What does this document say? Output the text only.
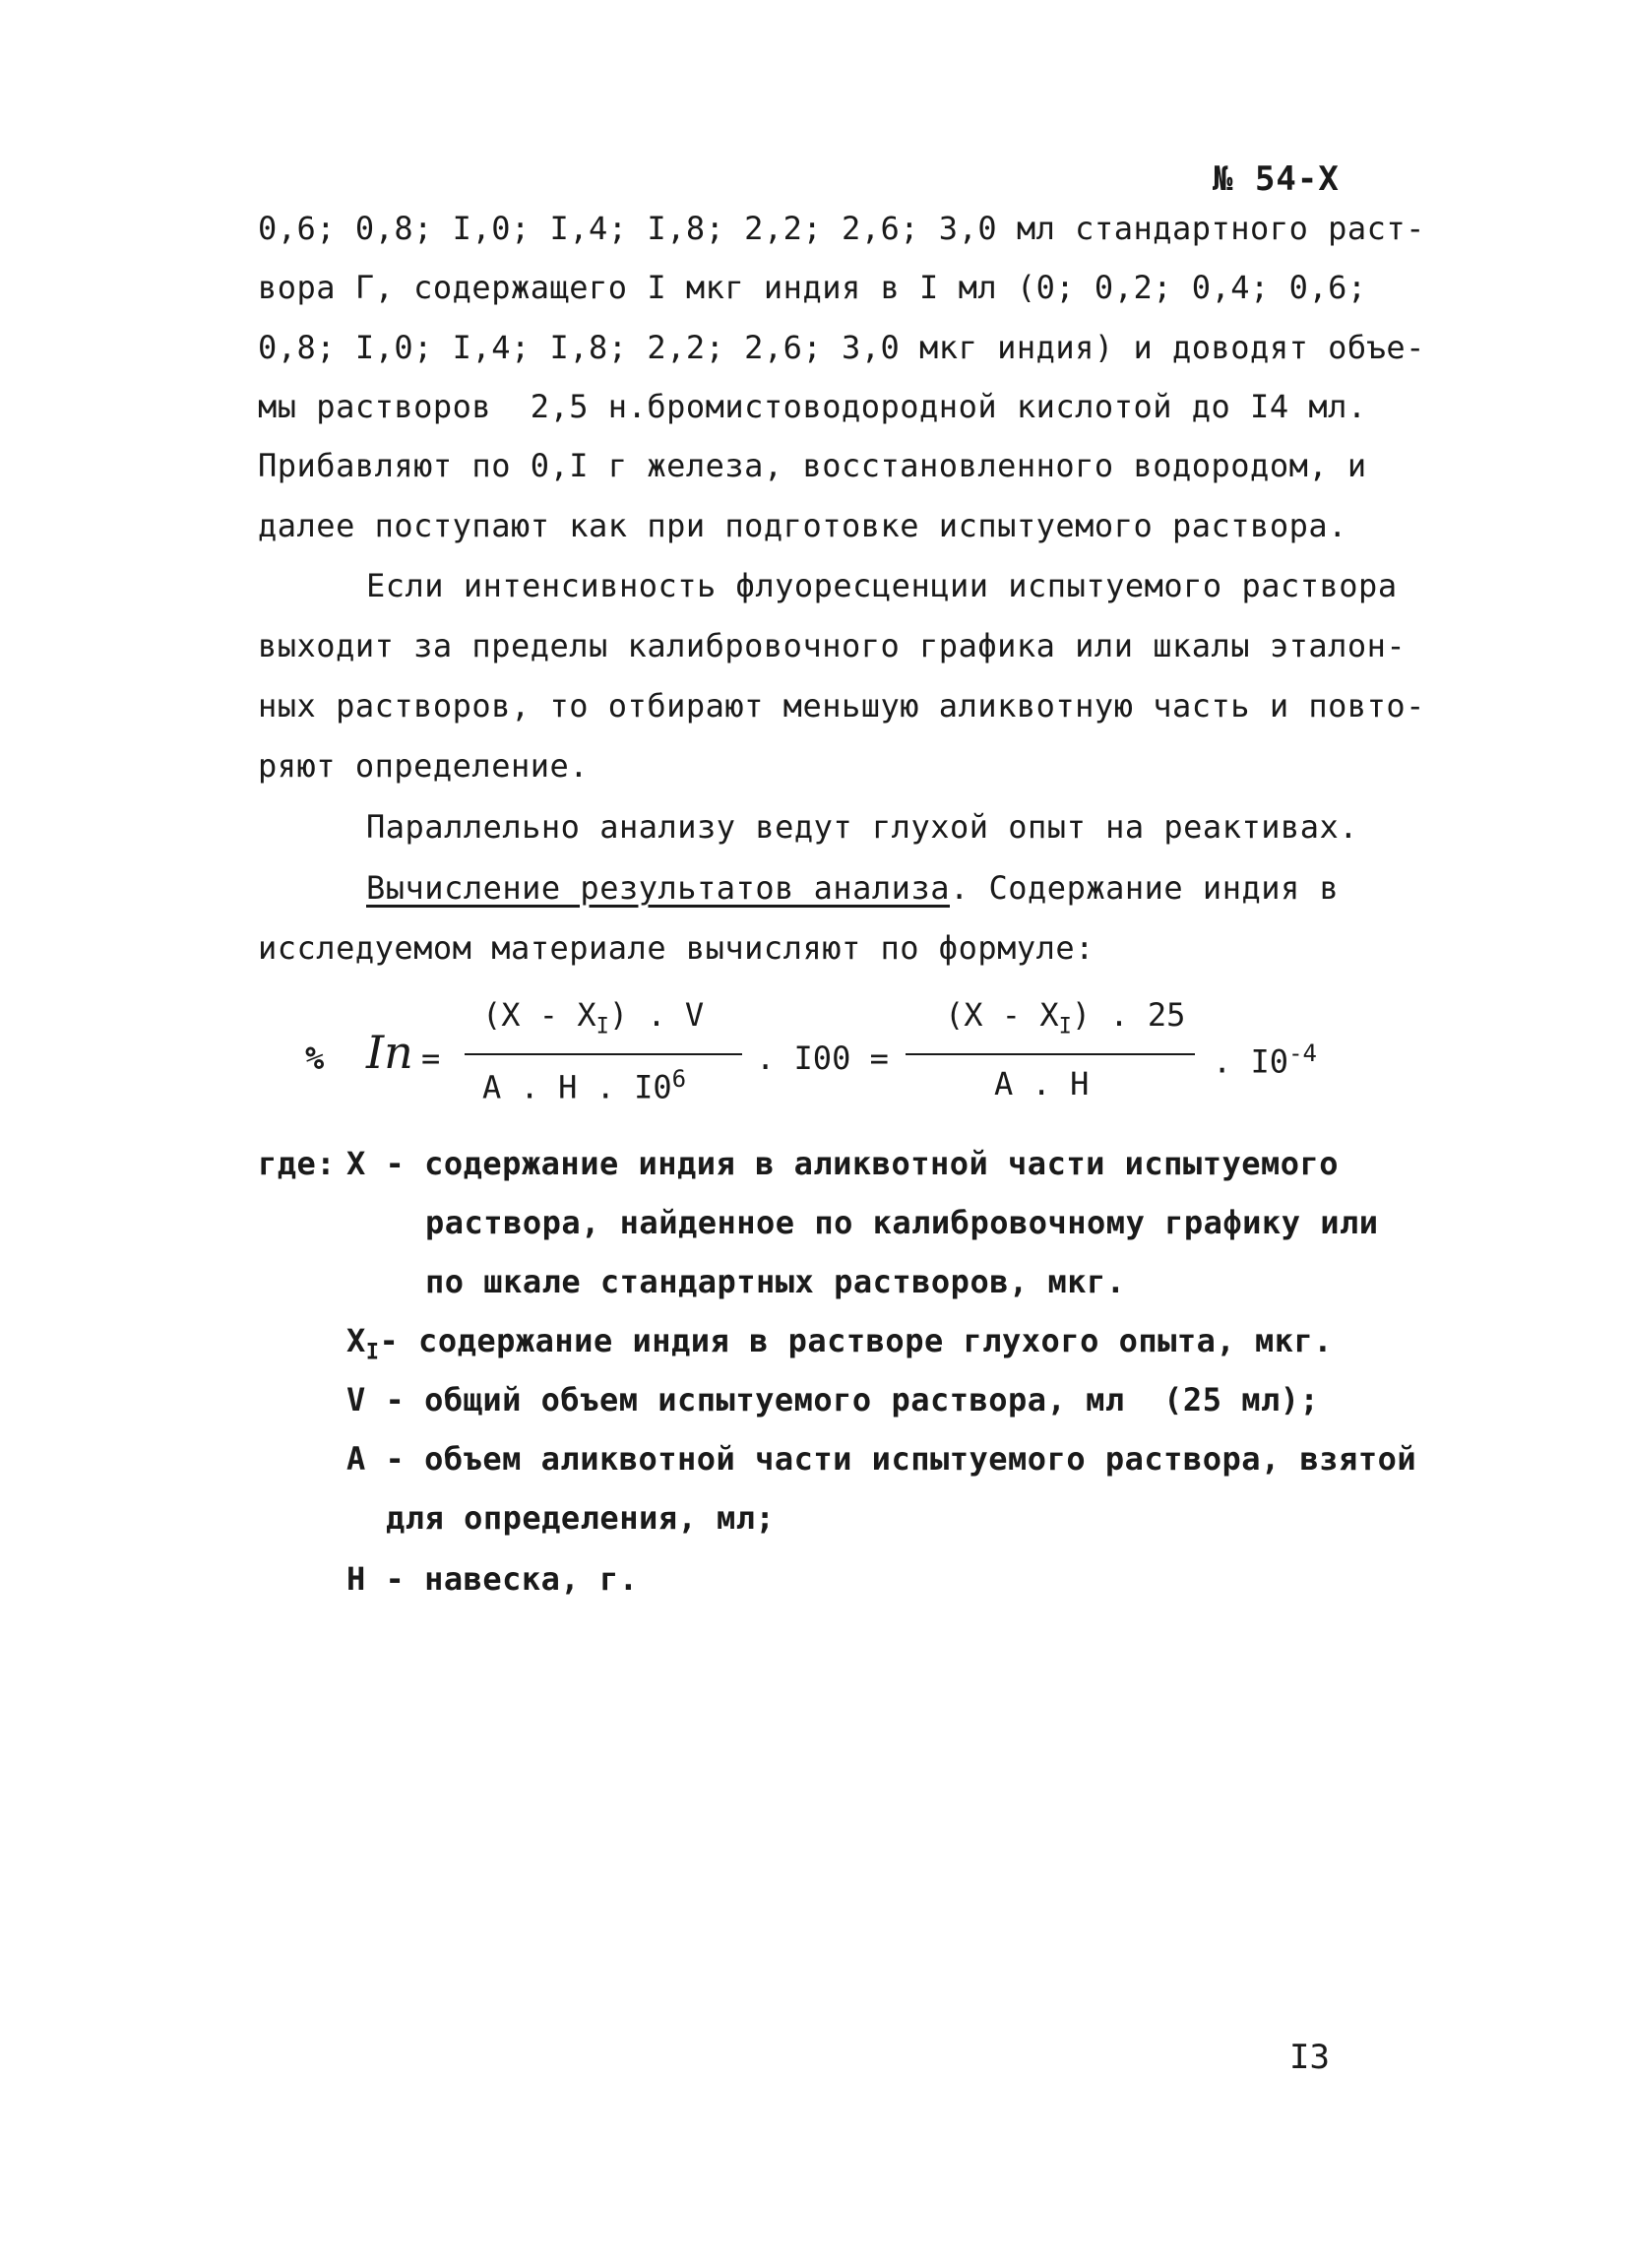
№ 54-Х
0,6; 0,8; I,0; I,4; I,8; 2,2; 2,6; 3,0 мл стандартного раст-
вора Г, содержащего I мкг индия в I мл (0; 0,2; 0,4; 0,6;
0,8; I,0; I,4; I,8; 2,2; 2,6; 3,0 мкг индия) и доводят объе-
мы растворов  2,5 н.бромистоводородной кислотой до I4 мл.
Прибавляют по 0,I г железа, восстановленного водородом, и
далее поступают как при подготовке испытуемого раствора.
Если интенсивность флуоресценции испытуемого раствора
выходит за пределы калибровочного графика или шкалы эталон-
ных растворов, то отбирают меньшую аликвотную часть и повто-
ряют определение.
Параллельно анализу ведут глухой опыт на реактивах.
Вычисление результатов анализа. Содержание индия в
исследуемом материале вычисляют по формуле:
% In =
$(X - X_I)$ . V
A . H . $I0^6$
. I00 =
$(X - X_I)$ . 25
A . H
. $I0^{-4}$
где: X - содержание индия в аликвотной части испытуемого
раствора, найденное по калибровочному графику или
по шкале стандартных растворов, мкг.
$X_I-$ содержание индия в растворе глухого опыта, мкг.
V - общий объем испытуемого раствора, мл  (25 мл);
A - объем аликвотной части испытуемого раствора, взятой
для определения, мл;
H - навеска, г.
I3
